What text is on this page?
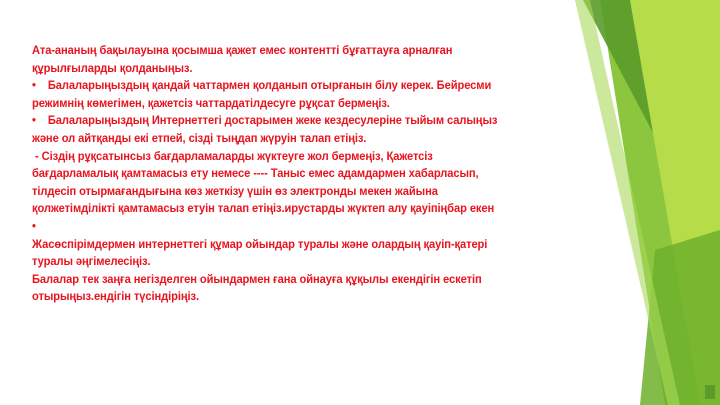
Ата-ананың бақылауына қосымша қажет емес контентті бұғаттауға арналған құрылғыларды қолданыңыз.

•    Балаларыңыздың қандай чаттармен қолданып отырғанын білу керек. Бейресми режимнің көмегімен, қажетсіз чаттардатілдесуге рұқсат бермеңіз.

•    Балаларыңыздың Интернеттегі достарымен жеке кездесулеріне тыйым салыңыз және ол айтқанды екі етпей, сізді тыңдап жүруін талап етіңіз.

- Сіздің рұқсатынсыз бағдарламаларды жүктеуге жол бермеңіз, Қажетсіз бағдарламалық қамтамасыз ету немесе ---- Таныс емес адамдармен хабарласып, тілдесіп отырмағандығына көз жеткізу үшін өз электронды мекен жайына қолжетімділікті қамтамасыз етуін талап етіңіз.иpустаpды жүктеп алу қауiпiңбаp екен •

Жасөспірімдермен интернеттегі құмар ойындар туралы және олардың қауіп-қатері туралы әңгімелесіңіз.

Балалар тек заңға негізделген ойындармен ғана ойнауға құқылы екендігін ескетіп отырыңыз.ендігін түсіндіріңіз.
